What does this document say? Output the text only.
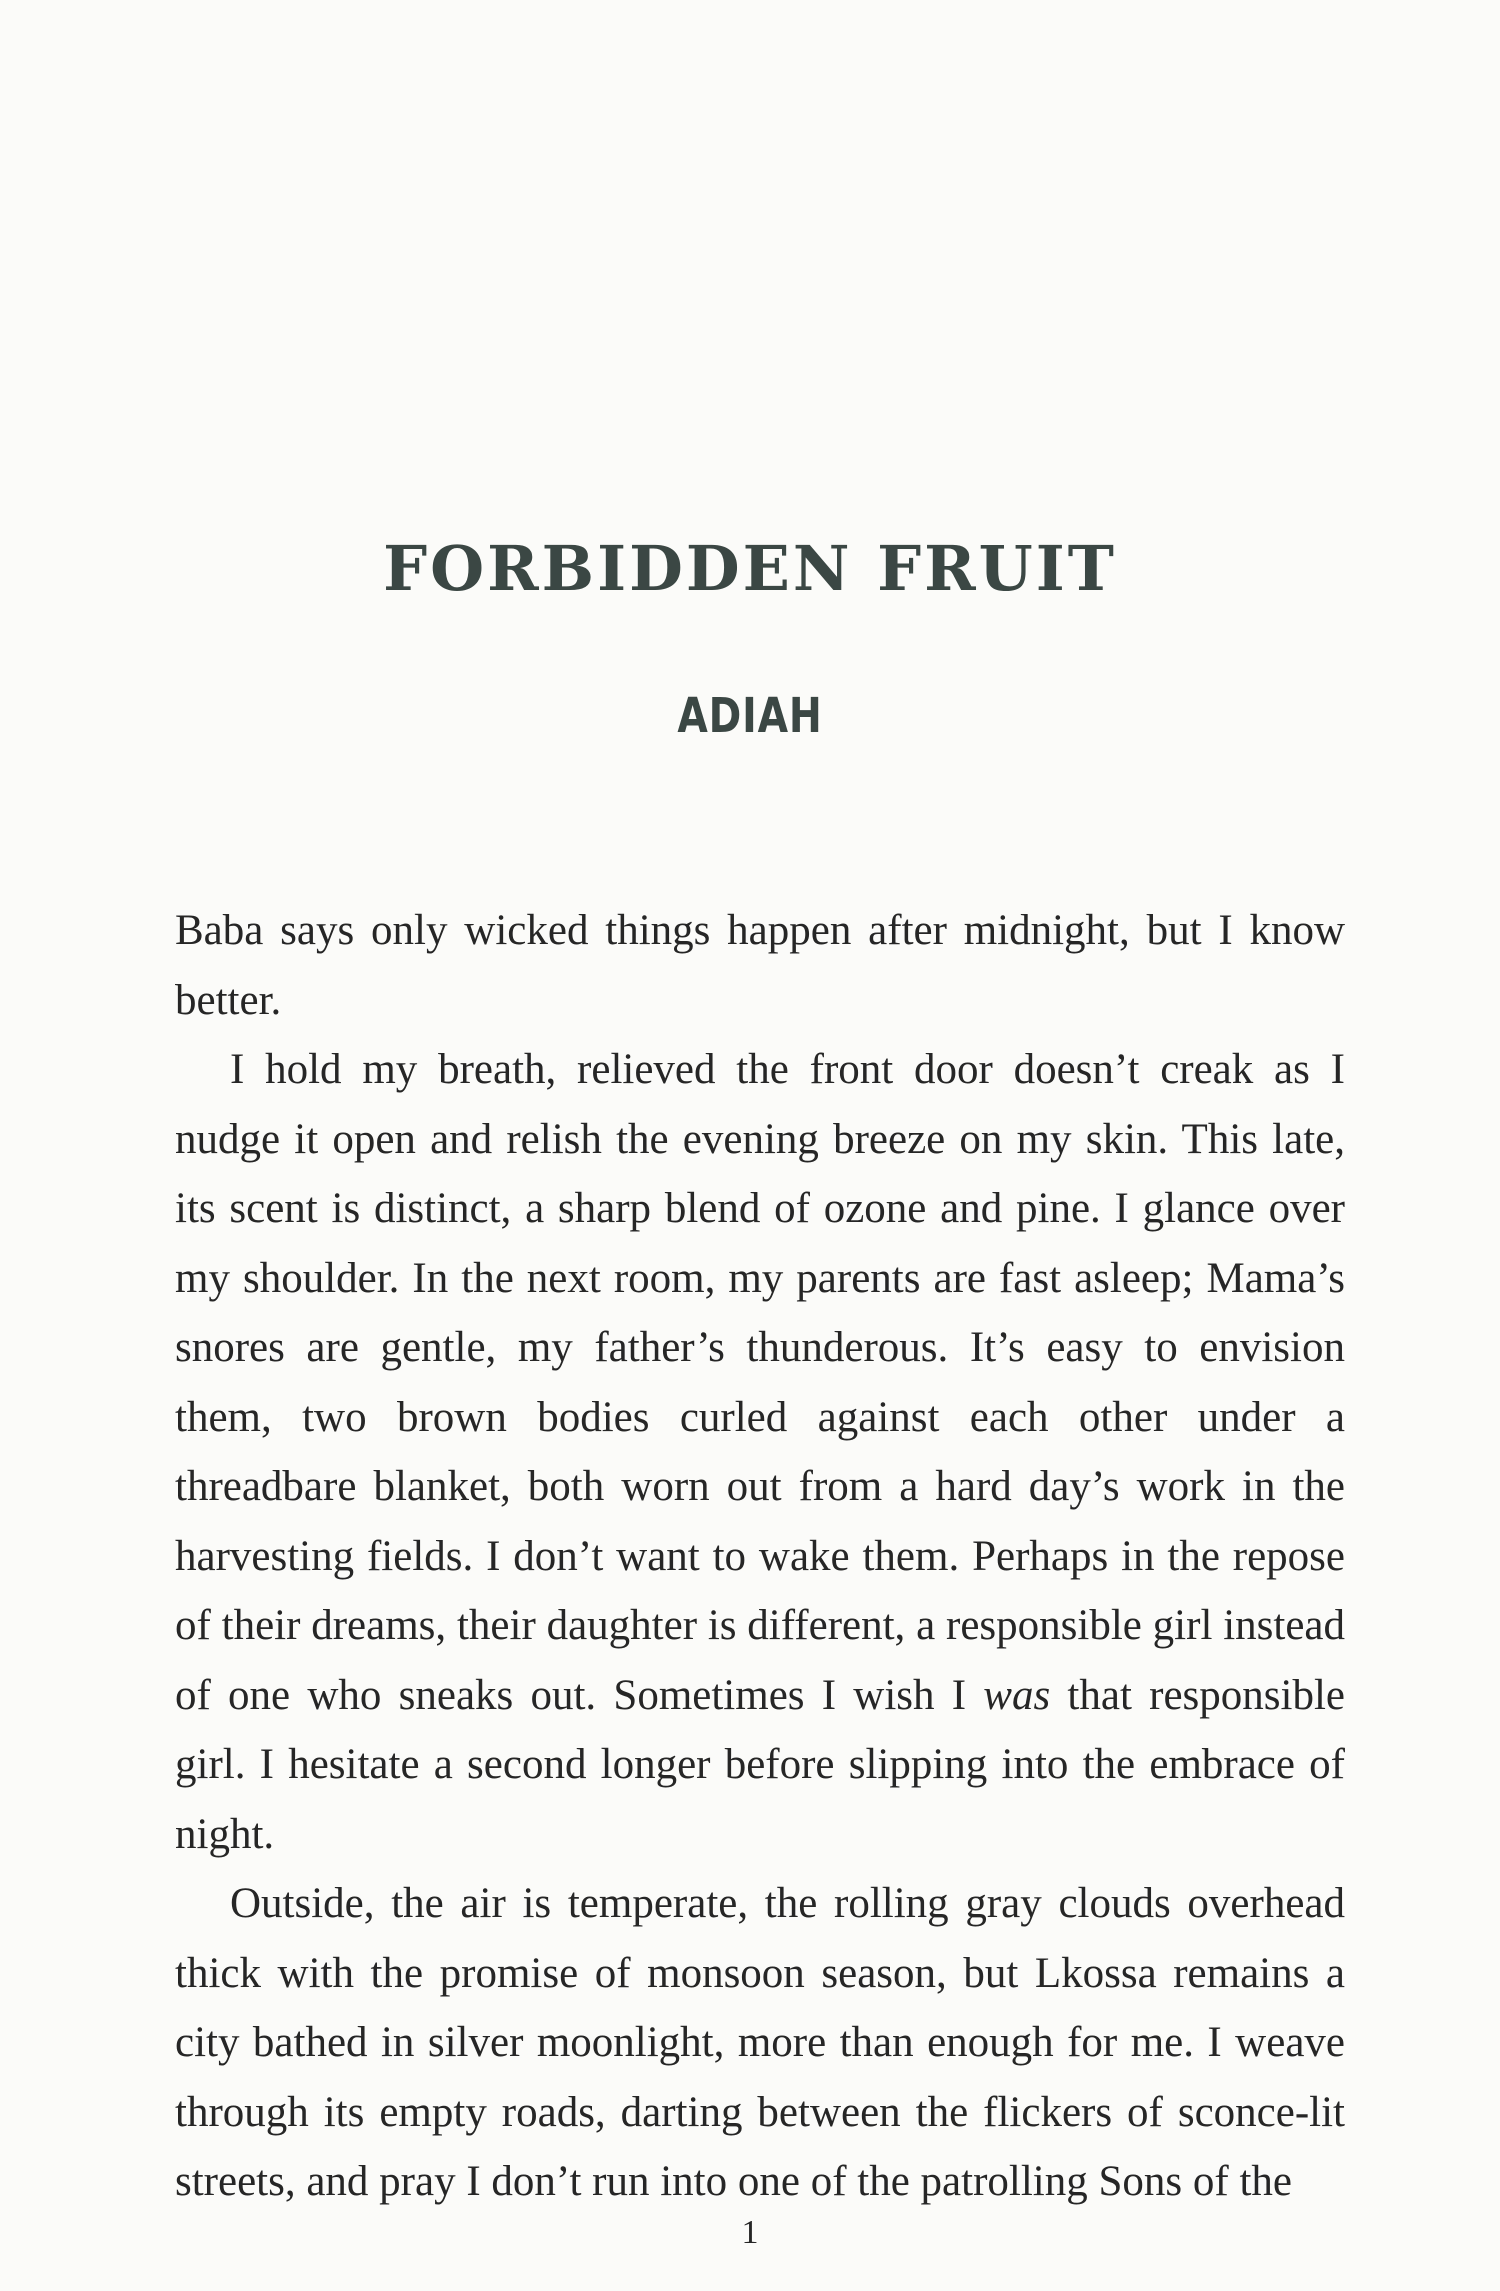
FORBIDDEN FRUIT
ADIAH

Baba says only wicked things happen after midnight, but I know better.

I hold my breath, relieved the front door doesn’t creak as I nudge it open and relish the evening breeze on my skin. This late, its scent is distinct, a sharp blend of ozone and pine. I glance over my shoulder. In the next room, my parents are fast asleep; Mama’s snores are gentle, my father’s thunderous. It’s easy to envision them, two brown bodies curled against each other under a threadbare blanket, both worn out from a hard day’s work in the harvesting fields. I don’t want to wake them. Perhaps in the repose of their dreams, their daughter is different, a responsible girl instead of one who sneaks out. Sometimes I wish I was that responsible girl. I hesitate a second longer before slipping into the embrace of night.

Outside, the air is temperate, the rolling gray clouds overhead thick with the promise of monsoon season, but Lkossa remains a city bathed in silver moonlight, more than enough for me. I weave through its empty roads, darting between the flickers of sconce-lit streets, and pray I don’t run into one of the patrolling Sons of the

1
